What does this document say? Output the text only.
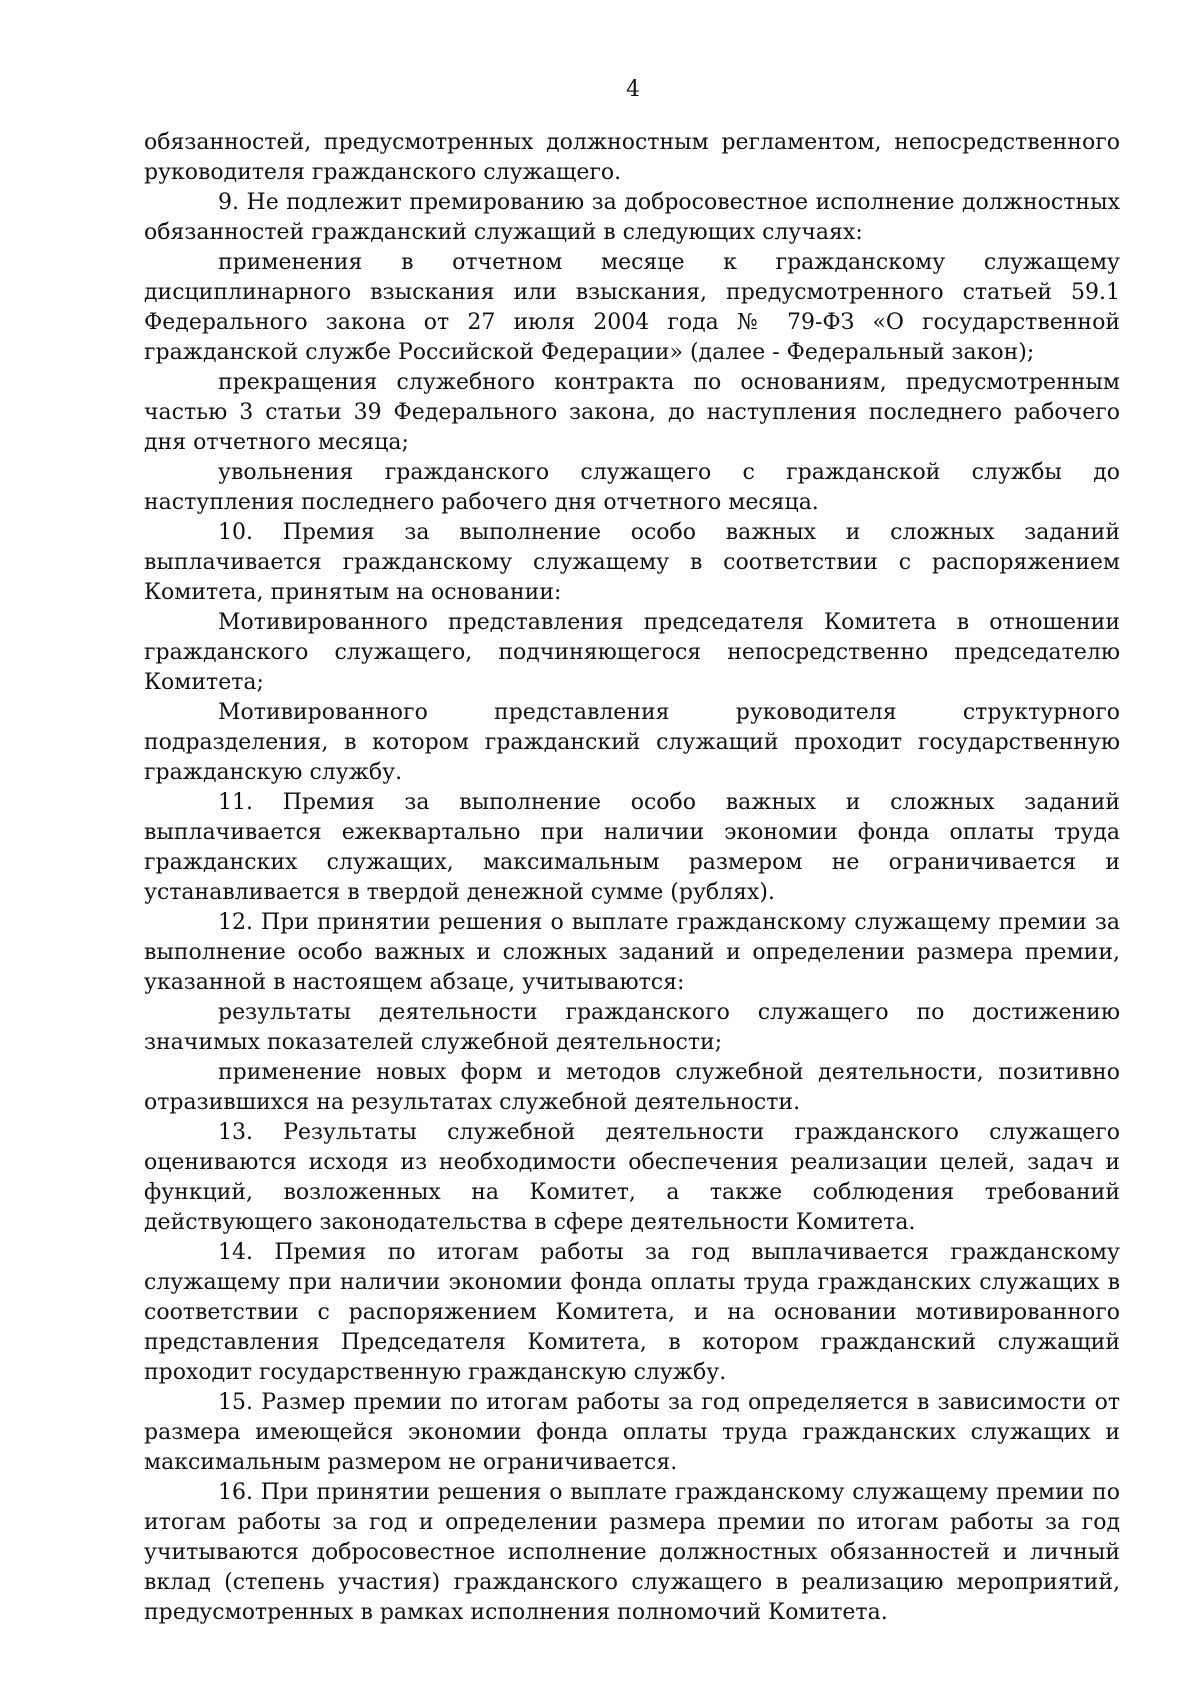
4

обязанностей, предусмотренных должностным регламентом, непосредственного руководителя гражданского служащего.

9. Не подлежит премированию за добросовестное исполнение должностных обязанностей гражданский служащий в следующих случаях:

применения в отчетном месяце к гражданскому служащему дисциплинарного взыскания или взыскания, предусмотренного статьей 59.1 Федерального закона от 27 июля 2004 года № 79-ФЗ «О государственной гражданской службе Российской Федерации» (далее - Федеральный закон);

прекращения служебного контракта по основаниям, предусмотренным частью 3 статьи 39 Федерального закона, до наступления последнего рабочего дня отчетного месяца;

увольнения гражданского служащего с гражданской службы до наступления последнего рабочего дня отчетного месяца.

10. Премия за выполнение особо важных и сложных заданий выплачивается гражданскому служащему в соответствии с распоряжением Комитета, принятым на основании:

Мотивированного представления председателя Комитета в отношении гражданского служащего, подчиняющегося непосредственно председателю Комитета;

Мотивированного представления руководителя структурного подразделения, в котором гражданский служащий проходит государственную гражданскую службу.

11. Премия за выполнение особо важных и сложных заданий выплачивается ежеквартально при наличии экономии фонда оплаты труда гражданских служащих, максимальным размером не ограничивается и устанавливается в твердой денежной сумме (рублях).

12. При принятии решения о выплате гражданскому служащему премии за выполнение особо важных и сложных заданий и определении размера премии, указанной в настоящем абзаце, учитываются:

результаты деятельности гражданского служащего по достижению значимых показателей служебной деятельности;

применение новых форм и методов служебной деятельности, позитивно отразившихся на результатах служебной деятельности.

13. Результаты служебной деятельности гражданского служащего оцениваются исходя из необходимости обеспечения реализации целей, задач и функций, возложенных на Комитет, а также соблюдения требований действующего законодательства в сфере деятельности Комитета.

14. Премия по итогам работы за год выплачивается гражданскому служащему при наличии экономии фонда оплаты труда гражданских служащих в соответствии с распоряжением Комитета, и на основании мотивированного представления Председателя Комитета, в котором гражданский служащий проходит государственную гражданскую службу.

15. Размер премии по итогам работы за год определяется в зависимости от размера имеющейся экономии фонда оплаты труда гражданских служащих и максимальным размером не ограничивается.

16. При принятии решения о выплате гражданскому служащему премии по итогам работы за год и определении размера премии по итогам работы за год учитываются добросовестное исполнение должностных обязанностей и личный вклад (степень участия) гражданского служащего в реализацию мероприятий, предусмотренных в рамках исполнения полномочий Комитета.
